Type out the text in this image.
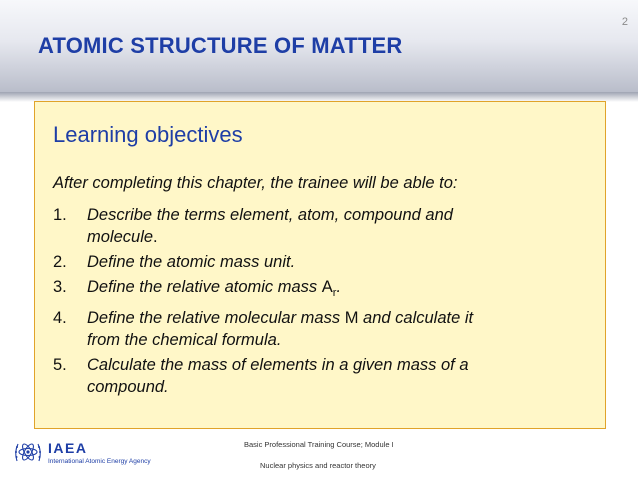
2
ATOMIC STRUCTURE OF MATTER
Learning objectives
After completing this chapter, the trainee will be able to:
1. Describe the terms element, atom, compound and
molecule.
2. Define the atomic mass unit.
3. Define the relative atomic mass $A_r$.
4. Define the relative molecular mass M and calculate it
from the chemical formula.
5. Calculate the mass of elements in a given mass of a
compound.
IAEA
International Atomic Energy Agency
Basic Professional Training Course; Module I
Nuclear physics and reactor theory
